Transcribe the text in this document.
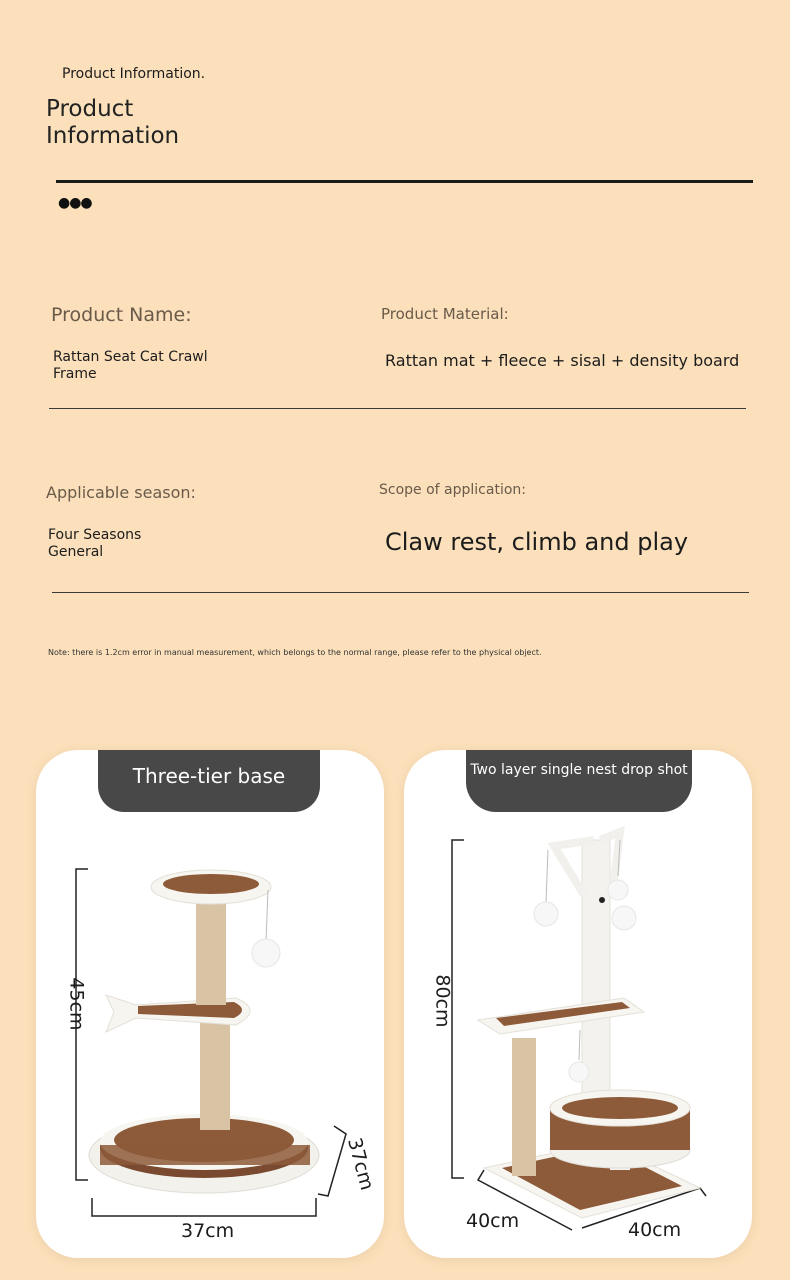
Product Information.
Product Information
●●●
Product Name:
Rattan Seat Cat Crawl Frame
Product Material:
Rattan mat + fleece + sisal + density board
Applicable season:
Four Seasons General
Scope of application:
Claw rest, climb and play
Note: there is 1.2cm error in manual measurement, which belongs to the normal range, please refer to the physical object.
Three-tier base
45cm
37cm
37cm
Two layer single nest drop shot
80cm
40cm	40cm
